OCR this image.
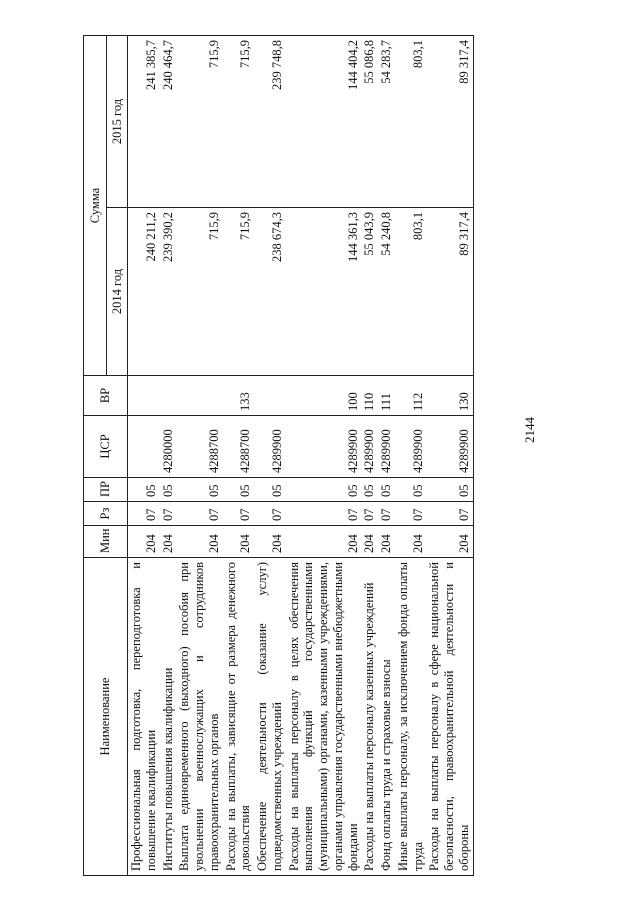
2144
Наименование	Мин	Рз	ПР	ЦСР	ВР	Сумма	
						2014 год	2015 год
Профессиональная подготовка, переподготовка и повышение квалификации	204	07	05			240 211,2	241 385,7
Институты повышения квалификации	204	07	05	4280000		239 390,2	240 464,7
Выплата единовременного (выходного) пособия при увольнении военнослужащих и сотрудников правоохранительных органов	204	07	05	4288700		715,9	715,9
Расходы на выплаты, зависящие от размера денежного довольствия	204	07	05	4288700	133	715,9	715,9
Обеспечение деятельности (оказание услуг) подведомственных учреждений	204	07	05	4289900		238 674,3	239 748,8
Расходы на выплаты персоналу в целях обеспечения выполнения функций государственными (муниципальными) органами, казенными учреждениями, органами управления государственными внебюджетными фондами	204	07	05	4289900	100	144 361,3	144 404,2
Расходы на выплаты персоналу казенных учреждений	204	07	05	4289900	110	55 043,9	55 086,8
Фонд оплаты труда и страховые взносы	204	07	05	4289900	111	54 240,8	54 283,7
Иные выплаты персоналу, за исключением фонда оплаты труда	204	07	05	4289900	112	803,1	803,1
Расходы на выплаты персоналу в сфере национальной безопасности, правоохранительной деятельности и обороны	204	07	05	4289900	130	89 317,4	89 317,4
